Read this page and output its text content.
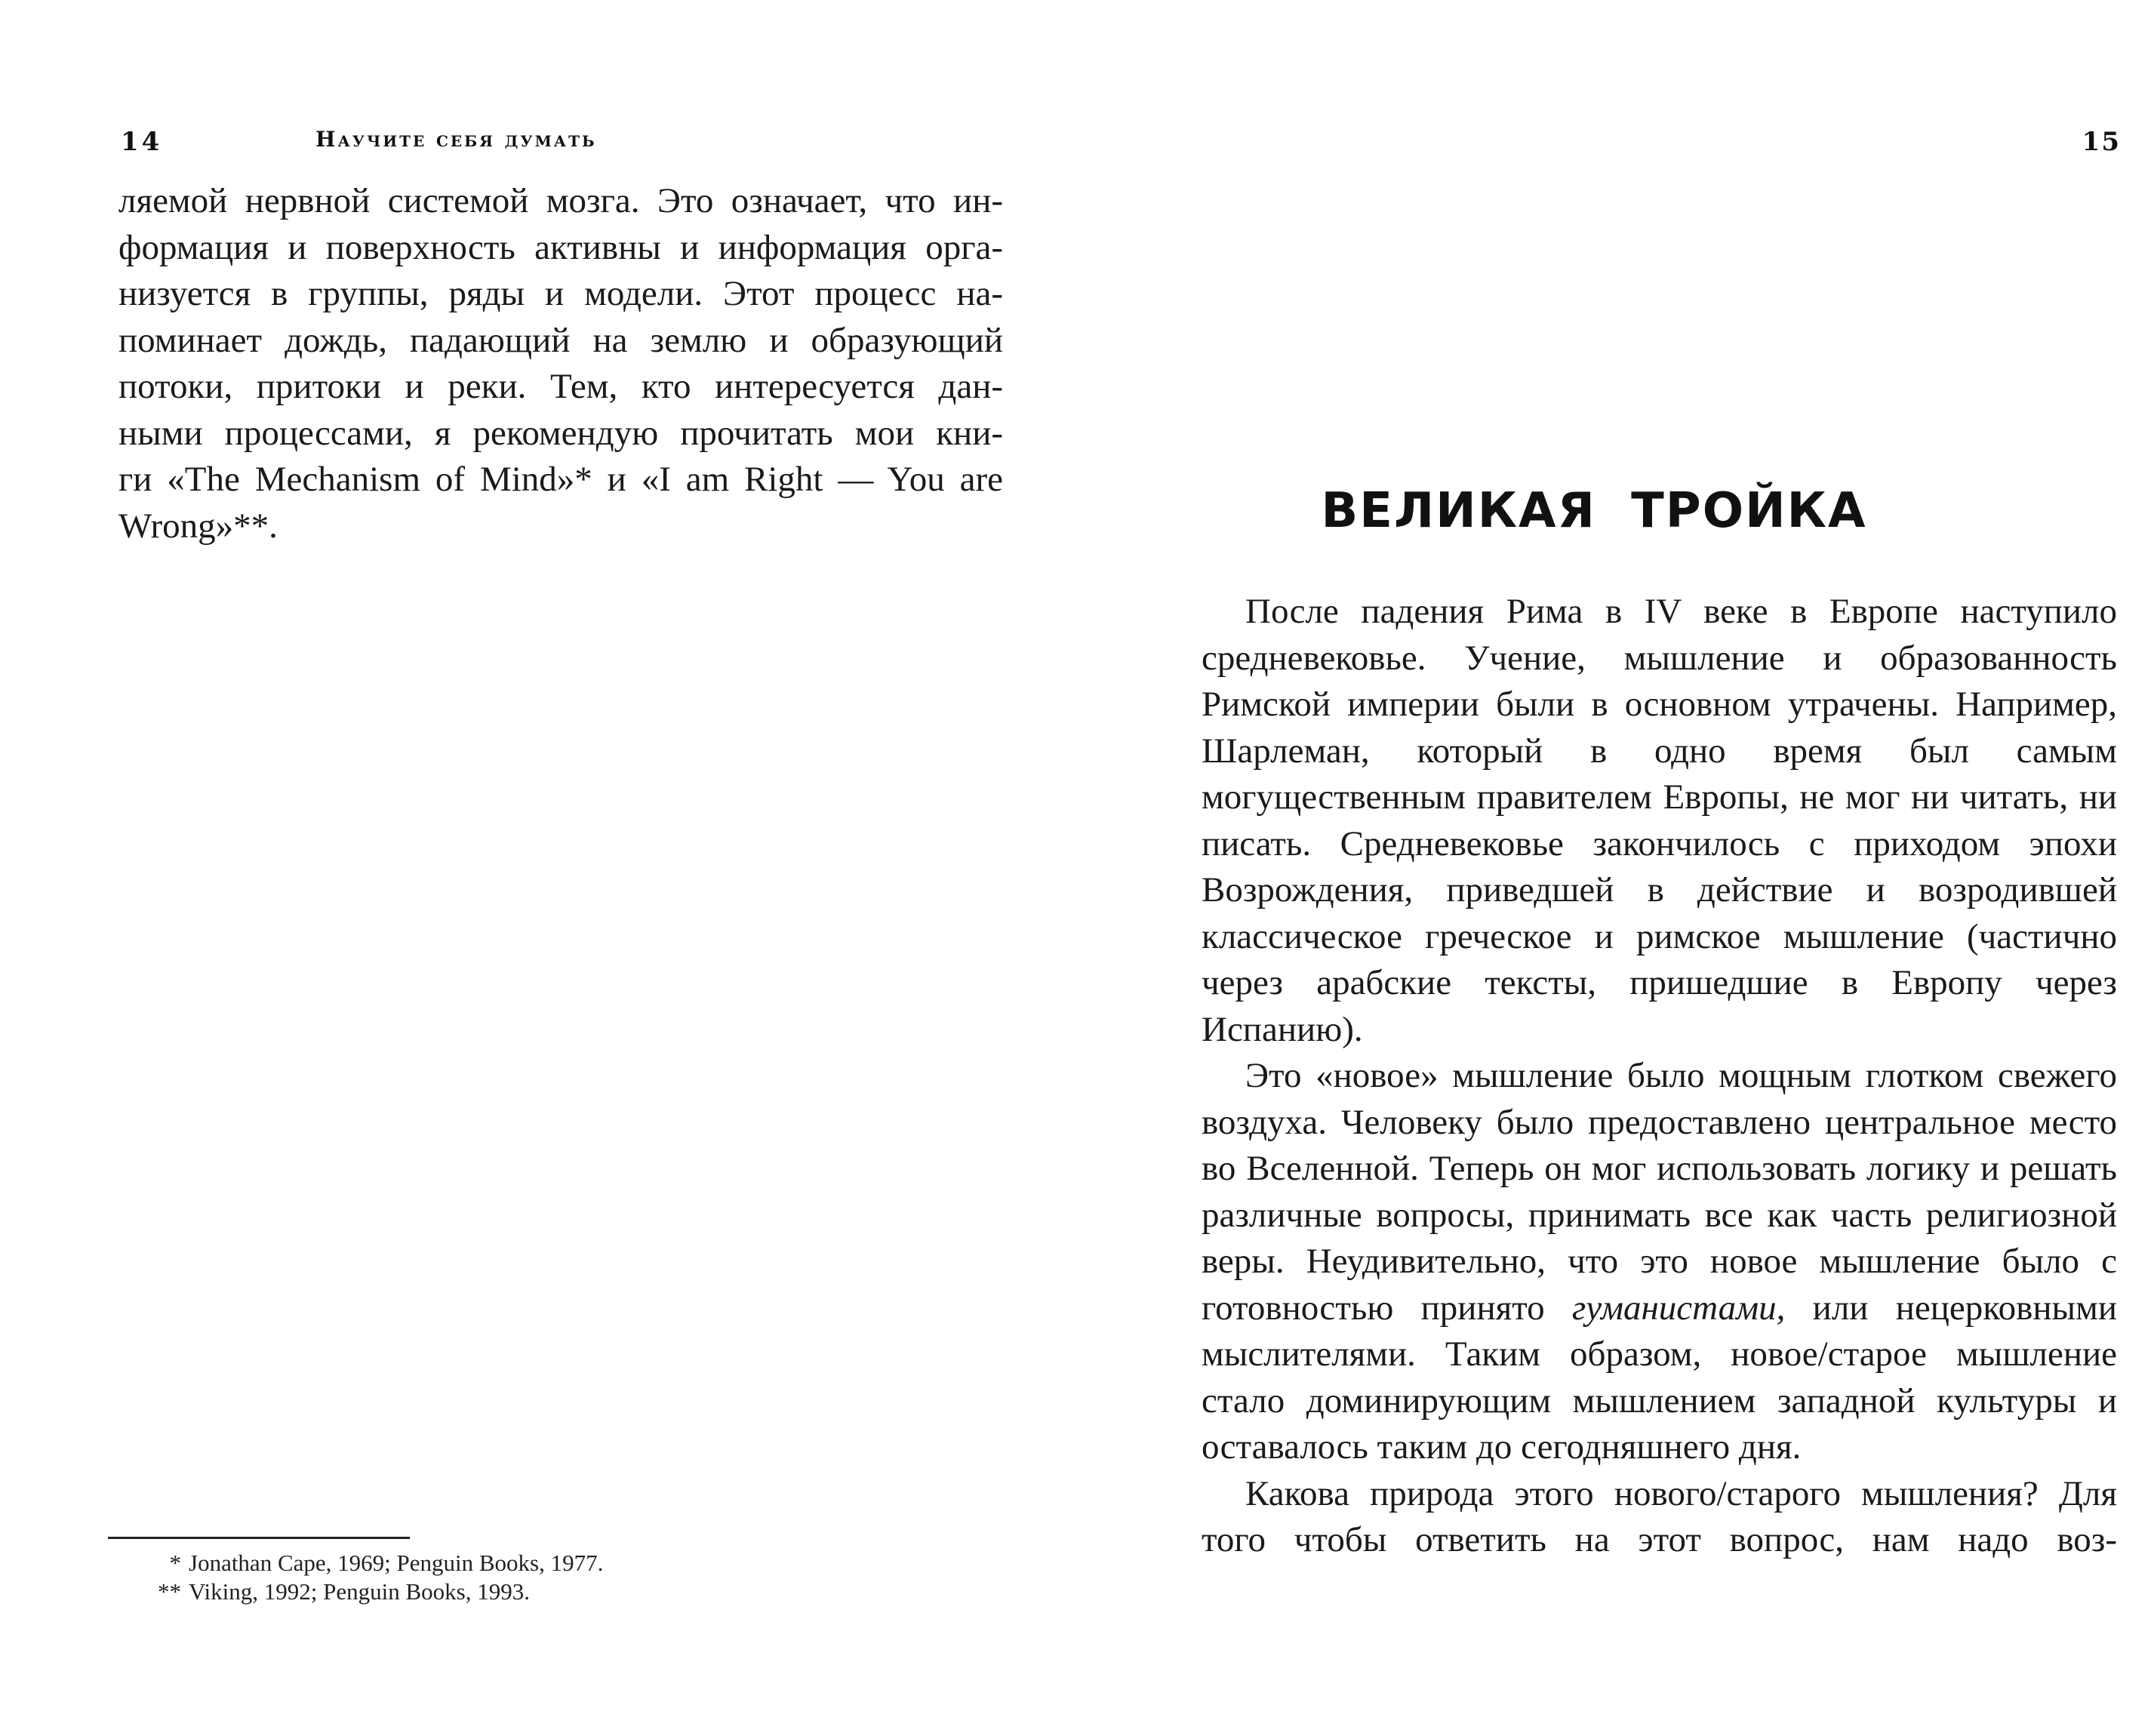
14	Научите себя думать

ляемой нервной системой мозга. Это означает, что ин-

формация и поверхность активны и информация орга-

низуется в группы, ряды и модели. Этот процесс на-

поминает дождь, падающий на землю и образующий

потоки, притоки и реки. Тем, кто интересуется дан-

ными процессами, я рекомендую прочитать мои кни-

ги «The Mechanism of Mind»* и «I am Right — You are

Wrong»**.

* Jonathan Cape, 1969; Penguin Books, 1977.
** Viking, 1992; Penguin Books, 1993.
15
ВЕЛИКАЯ ТРОЙКА

После падения Рима в IV веке в Европе наступило средневековье. Учение, мышление и образованность Римской империи были в основном утрачены. Например, Шарлеман, который в одно время был самым могущественным правителем Европы, не мог ни читать, ни писать. Средневековье закончилось с приходом эпохи Возрождения, приведшей в действие и возродившей классическое греческое и римское мышление (частично через арабские тексты, пришедшие в Европу через Испанию).

Это «новое» мышление было мощным глотком свежего воздуха. Человеку было предоставлено центральное место во Вселенной. Теперь он мог использовать логику и решать различные вопросы, принимать все как часть религиозной веры. Неудивительно, что это новое мышление было с готовностью принято гуманистами, или нецерковными мыслителями. Таким образом, новое/старое мышление стало доминирующим мышлением западной культуры и оставалось таким до сегодняшнего дня.

Какова природа этого нового/старого мышления? Для того чтобы ответить на этот вопрос, нам надо воз-
